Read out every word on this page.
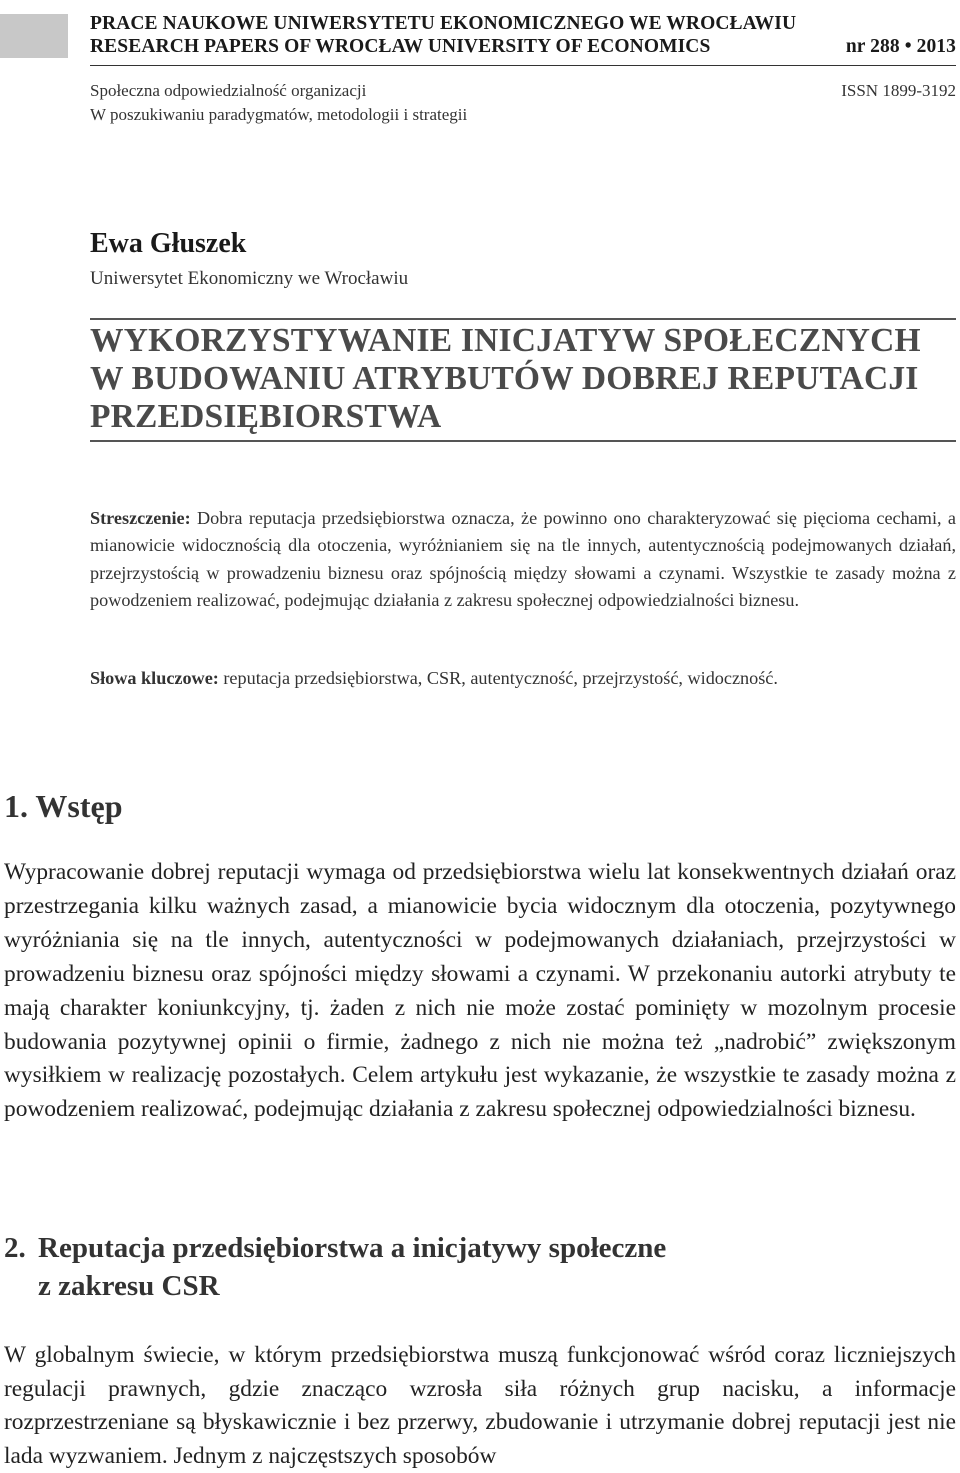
PRACE NAUKOWE UNIWERSYTETU EKONOMICZNEGO WE WROCŁAWIU
RESEARCH PAPERS OF WROCŁAW UNIVERSITY OF ECONOMICS	nr 288 • 2013
Społeczna odpowiedzialność organizacji	ISSN 1899-3192
W poszukiwaniu paradygmatów, metodologii i strategii
Ewa Głuszek
Uniwersytet Ekonomiczny we Wrocławiu
WYKORZYSTYWANIE INICJATYW SPOŁECZNYCH
W BUDOWANIU ATRYBUTÓW DOBREJ REPUTACJI
PRZEDSIĘBIORSTWA

Streszczenie: Dobra reputacja przedsiębiorstwa oznacza, że powinno ono charakteryzować się pięcioma cechami, a mianowicie widocznością dla otoczenia, wyróżnianiem się na tle innych, autentycznością podejmowanych działań, przejrzystością w prowadzeniu biznesu oraz spójnością między słowami a czynami. Wszystkie te zasady można z powodzeniem realizować, podejmując działania z zakresu społecznej odpowiedzialności biznesu.

Słowa kluczowe: reputacja przedsiębiorstwa, CSR, autentyczność, przejrzystość, widoczność.

1. Wstęp

Wypracowanie dobrej reputacji wymaga od przedsiębiorstwa wielu lat konsekwentnych działań oraz przestrzegania kilku ważnych zasad, a mianowicie bycia widocznym dla otoczenia, pozytywnego wyróżniania się na tle innych, autentyczności w podejmowanych działaniach, przejrzystości w prowadzeniu biznesu oraz spójności między słowami a czynami. W przekonaniu autorki atrybuty te mają charakter koniunkcyjny, tj. żaden z nich nie może zostać pominięty w mozolnym procesie budowania pozytywnej opinii o firmie, żadnego z nich nie można też „nadrobić” zwiększonym wysiłkiem w realizację pozostałych. Celem artykułu jest wykazanie, że wszystkie te zasady można z powodzeniem realizować, podejmując działania z zakresu społecznej odpowiedzialności biznesu.

2. Reputacja przedsiębiorstwa a inicjatywy społeczne
z zakresu CSR

W globalnym świecie, w którym przedsiębiorstwa muszą funkcjonować wśród coraz liczniejszych regulacji prawnych, gdzie znacząco wzrosła siła różnych grup nacisku, a informacje rozprzestrzeniane są błyskawicznie i bez przerwy, zbudowanie i utrzymanie dobrej reputacji jest nie lada wyzwaniem. Jednym z najczęstszych sposobów
